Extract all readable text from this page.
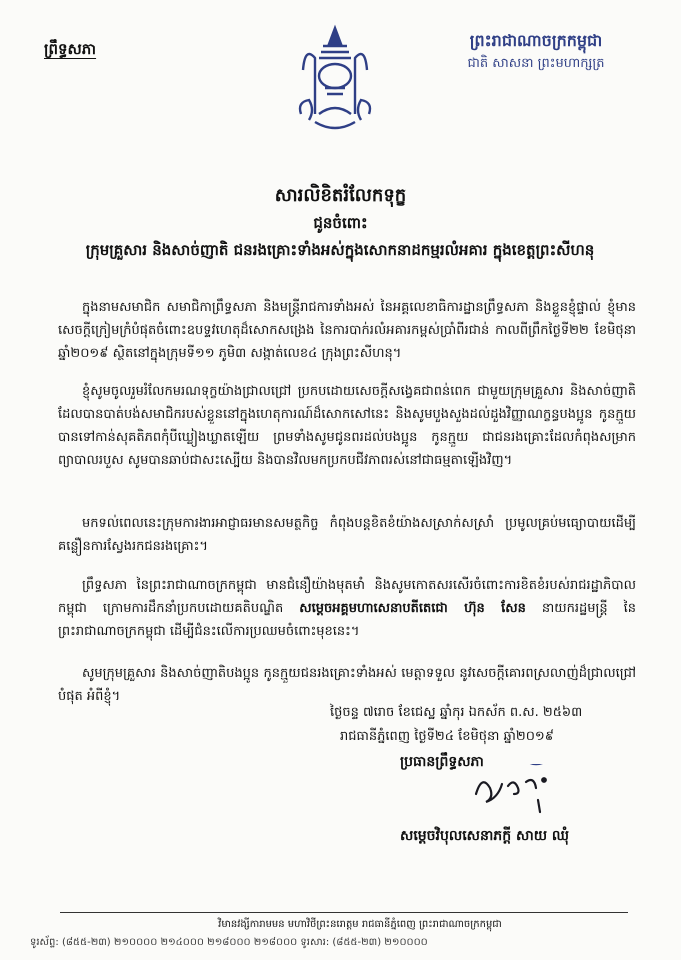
ព្រឹទ្ធសភា	ព្រះរាជាណាចក្រកម្ពុជា
ជាតិ សាសនា ព្រះមហាក្សត្រ
សារលិខិតរំលែកទុក្ខ
ជូនចំពោះ
ក្រុមគ្រួសារ និងសាច់ញាតិ ជនរងគ្រោះទាំងអស់ក្នុងសោកនាដកម្មរលំអគារ ក្នុងខេត្តព្រះសីហនុ
ក្នុងនាមសមាជិក សមាជិកាព្រឹទ្ធសភា និងមន្ត្រីរាជការទាំងអស់ នៃអគ្គលេខាធិការដ្ឋានព្រឹទ្ធសភា និងខ្លួនខ្ញុំផ្ទាល់ ខ្ញុំមានសេចក្តីក្រៀមក្រំបំផុតចំពោះឧបទ្ទវហេតុដ៏សោកសង្រេង នៃការបាក់រលំអគារកម្ពស់ប្រាំពីរជាន់ កាលពីព្រឹកថ្ងៃទី២២ ខែមិថុនា ឆ្នាំ២០១៩ ស្ថិតនៅក្នុងក្រុមទី១១ ភូមិ៣ សង្កាត់លេខ៤ ក្រុងព្រះសីហនុ។
ខ្ញុំសូមចូលរួមរំលែកមរណទុក្ខយ៉ាងជ្រាលជ្រៅ ប្រកបដោយសេចក្តីសង្វេគជាពន់ពេក ជាមួយក្រុមគ្រួសារ និងសាច់ញាតិដែលបានបាត់បង់សមាជិករបស់ខ្លួននៅក្នុងហេតុការណ៍ដ៏សោកសៅនេះ និងសូមបួងសួងដល់ដួងវិញ្ញាណក្ខន្ធបងប្អូន កូនក្មួយបានទៅកាន់សុគតិភពកុំបីឃ្លៀងឃ្លាតឡើយ ព្រមទាំងសូមជូនពរដល់បងប្អូន កូនក្មួយ ជាជនរងគ្រោះដែលកំពុងសម្រាកព្យាបាលរបួស សូមបានឆាប់ជាសះស្បើយ និងបានវិលមកប្រកបជីវភាពរស់នៅជាធម្មតាឡើងវិញ។
មកទល់ពេលនេះក្រុមការងារអាជ្ញាធរមានសមត្ថកិច្ច កំពុងបន្តខិតខំយ៉ាងសស្រាក់សស្រាំ ប្រមូលគ្រប់មធ្យោបាយដើម្បីគន្លឿនការស្វែងរកជនរងគ្រោះ។
ព្រឹទ្ធសភា នៃព្រះរាជាណាចក្រកម្ពុជា មានជំនឿយ៉ាងមុតមាំ និងសូមកោតសរសើរចំពោះការខិតខំរបស់រាជរដ្ឋាភិបាលកម្ពុជា ក្រោមការដឹកនាំប្រកបដោយគតិបណ្ឌិត សម្តេចអគ្គមហាសេនាបតីតេជោ ហ៊ុន សែន នាយករដ្ឋមន្ត្រី នៃព្រះរាជាណាចក្រកម្ពុជា ដើម្បីជំនះលើការប្រឈមចំពោះមុខនេះ។
សូមក្រុមគ្រួសារ និងសាច់ញាតិបងប្អូន កូនក្មួយជនរងគ្រោះទាំងអស់ មេត្តាទទួល នូវសេចក្តីគោរពស្រលាញ់ដ៏ជ្រាលជ្រៅបំផុត អំពីខ្ញុំ។
ថ្ងៃចន្ទ ៧រោច ខែជេស្ឋ ឆ្នាំកុរ ឯកស័ក ព.ស. ២៥៦៣
រាជធានីភ្នំពេញ ថ្ងៃទី២៤ ខែមិថុនា ឆ្នាំ២០១៩
ប្រធានព្រឹទ្ធសភា
សម្តេចវិបុលសេនាភក្តី សាយ ឈុំ
វិមានវង្សីការាមមន មហាវិថីព្រះនរោត្តម រាជធានីភ្នំពេញ ព្រះរាជាណាចក្រកម្ពុជា
ទូរស័ព្ទ: (៨៥៥-២៣) ២១០០០០ ២១៤០០០ ២១៨០០០ ២១៨០០០ ទូរសារ: (៨៥៥-២៣) ២១០០០០
